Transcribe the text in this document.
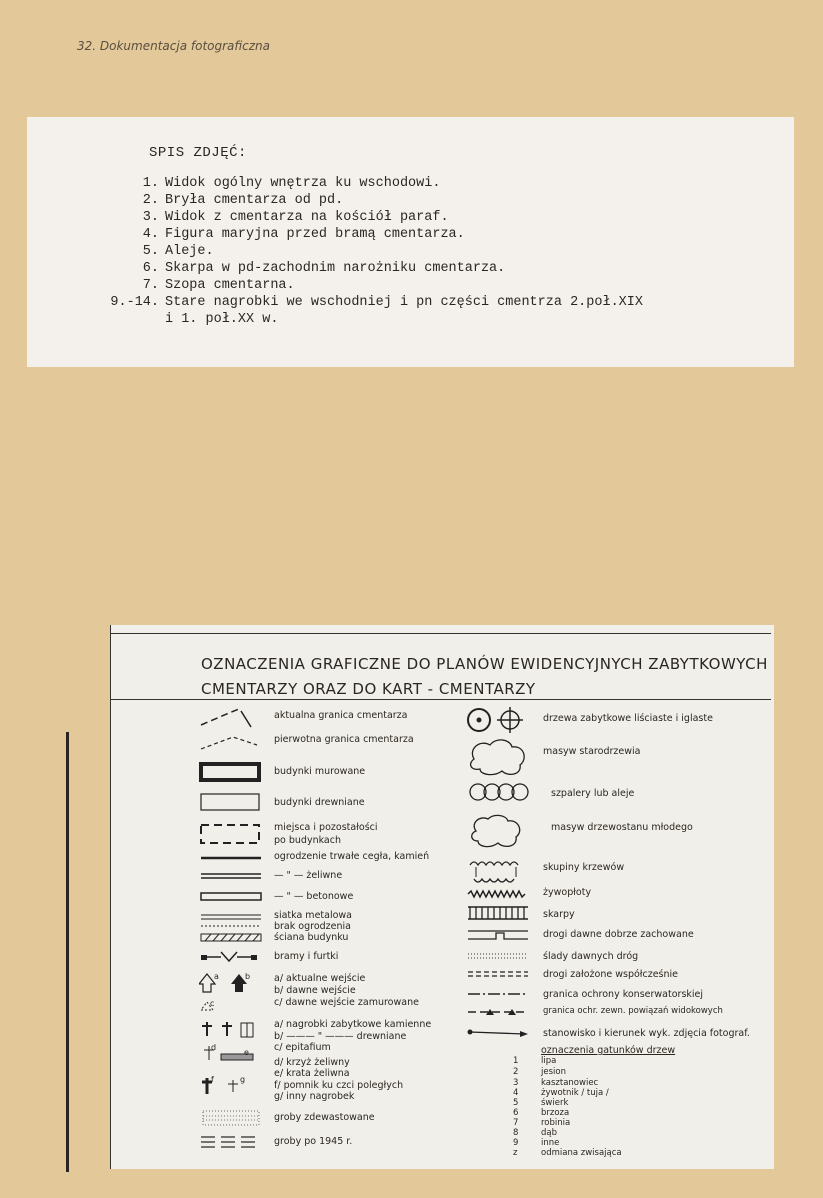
32. Dokumentacja fotograficzna
SPIS ZDJĘĆ:
1. Widok ogólny wnętrza ku wschodowi.
2. Bryła cmentarza od pd.
3. Widok z cmentarza na kościół paraf.
4. Figura maryjna przed bramą cmentarza.
5. Aleje.
6. Skarpa w pd-zachodnim narożniku cmentarza.
7. Szopa cmentarna.
9.-14. Stare nagrobki we wschodniej i pn części cmentrza 2.poł.XIX
i 1. poł.XX w.
OZNACZENIA GRAFICZNE DO PLANÓW EWIDENCYJNYCH ZABYTKOWYCH
CMENTARZY ORAZ DO KART - CMENTARZY
a	b
c
d
e
f	g
aktualna granica cmentarza
pierwotna granica cmentarza
budynki murowane
budynki drewniane
miejsca i pozostałości
po budynkach
ogrodzenie trwałe cegła, kamień
— " — żeliwne
— " — betonowe
siatka metalowa
brak ogrodzenia
ściana budynku
bramy i furtki
a/ aktualne wejście
b/ dawne wejście
c/ dawne wejście zamurowane
a/ nagrobki zabytkowe kamienne
b/ ——— " ——— drewniane
c/ epitafium
d/ krzyż żeliwny
e/ krata żeliwna
f/ pomnik ku czci poległych
g/ inny nagrobek
groby zdewastowane
groby po 1945 r.
drzewa zabytkowe liściaste i iglaste
masyw starodrzewia
szpalery lub aleje
masyw drzewostanu młodego
skupiny krzewów
żywopłoty
skarpy
drogi dawne dobrze zachowane
ślady dawnych dróg
drogi założone współcześnie
granica ochrony konserwatorskiej
granica ochr. zewn. powiązań widokowych
stanowisko i kierunek wyk. zdjęcia fotograf.
oznaczenia gatunków drzew
1	lipa
2	jesion
3	kasztanowiec
4	żywotnik / tuja /
5	świerk
6	brzoza
7	robinia
8	dąb
9	inne
z	odmiana zwisająca
